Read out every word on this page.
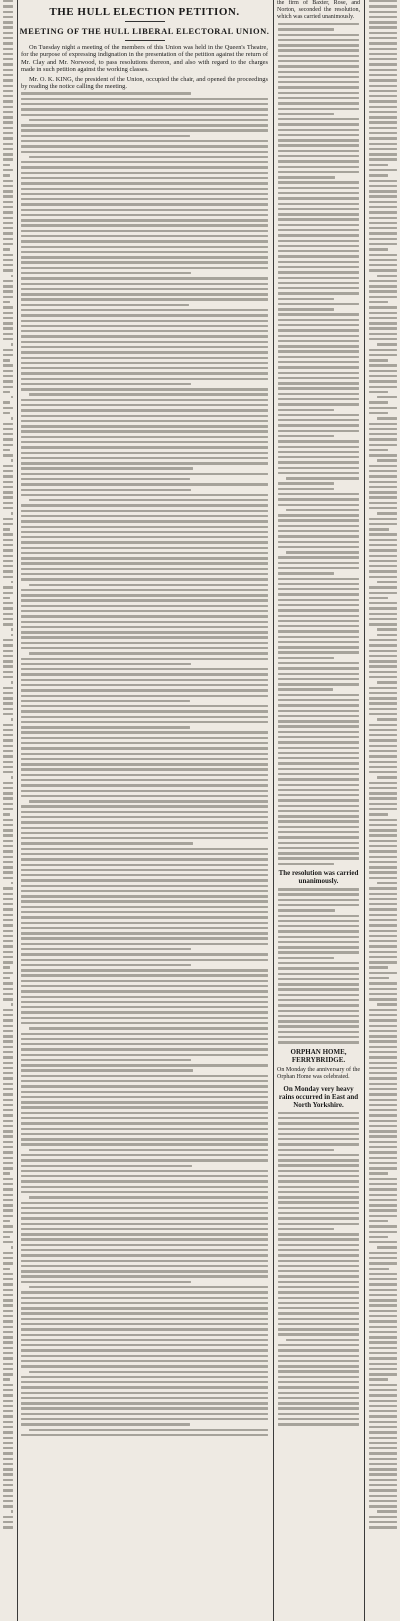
THE HULL ELECTION PETITION.
MEETING OF THE HULL LIBERAL ELECTORAL UNION.

On Tuesday night a meeting of the members of this Union was held in the Queen's Theatre, for the purpose of expressing indignation in the presentation of the petition against the return of Mr. Clay and Mr. Norwood, to pass resolutions thereon, and also with regard to the charges made in such petition against the working classes.

Mr. O. K. KING, the president of the Union, occupied the chair, and opened the proceedings by reading the notice calling the meeting.

the firm of Baxter, Rose, and Norton, seconded the resolution, which was carried unanimously.

The resolution was carried unanimously.
ORPHAN HOME, FERRYBRIDGE.

On Monday the anniversary of the Orphan Home was celebrated.

On Monday very heavy rains occurred in East and North Yorkshire.
